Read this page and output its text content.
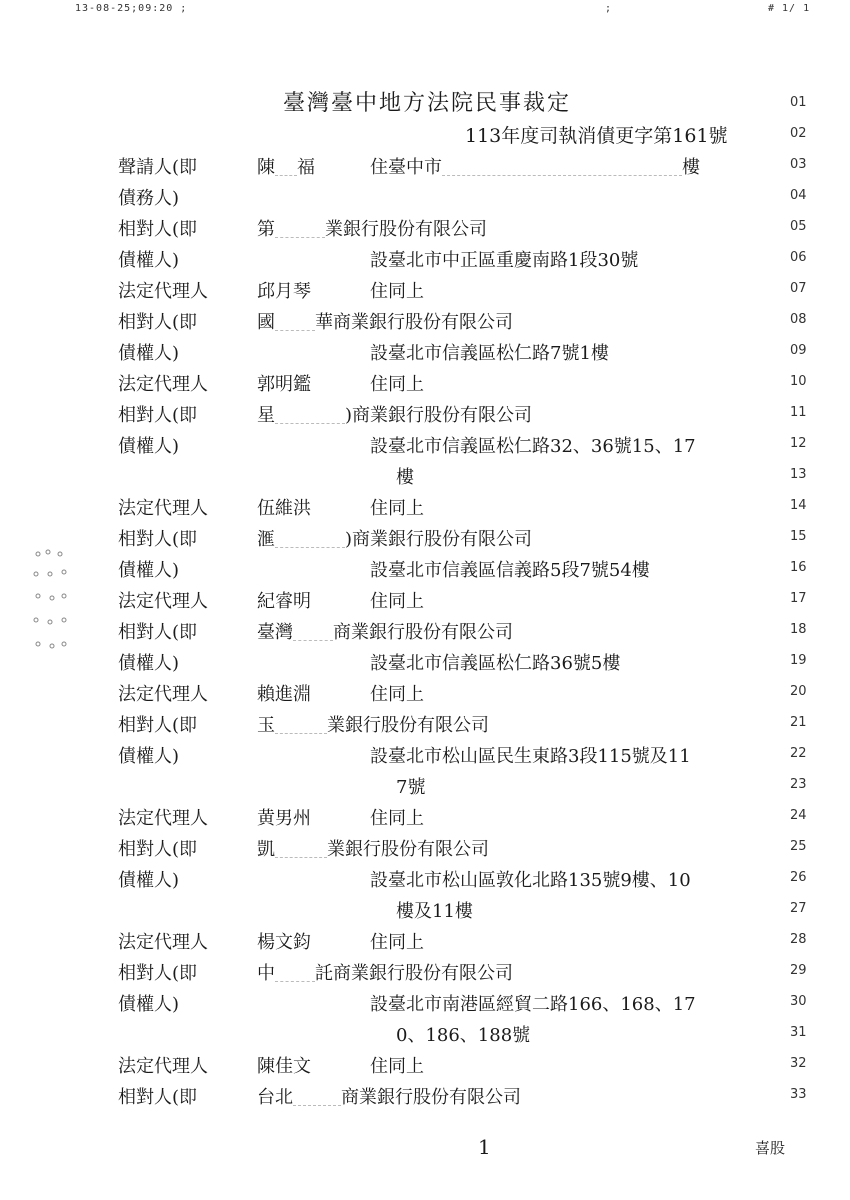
13-08-25;09:20 ;	;	# 1/ 1
臺灣臺中地方法院民事裁定
113年度司執消債更字第161號
01
02
03
04
05
06
07
08
09
10
11
12
13
14
15
16
17
18
19
20
21
22
23
24
25
26
27
28
29
30
31
32
33
聲請人(即	陳 福	住臺中市	樓
債務人)
相對人(即	第	業銀行股份有限公司
債權人)	設臺北市中正區重慶南路1段30號
法定代理人	邱月琴	住同上
相對人(即	國 華商業銀行股份有限公司
債權人)	設臺北市信義區松仁路7號1樓
法定代理人	郭明鑑	住同上
相對人(即	星	)商業銀行股份有限公司
債權人)	設臺北市信義區松仁路32、36號15、17
樓
法定代理人	伍維洪	住同上
相對人(即	滙	)商業銀行股份有限公司
債權人)	設臺北市信義區信義路5段7號54樓
法定代理人	紀睿明	住同上
相對人(即	臺灣 商業銀行股份有限公司
債權人)	設臺北市信義區松仁路36號5樓
法定代理人	賴進淵	住同上
相對人(即	玉	業銀行股份有限公司
債權人)	設臺北市松山區民生東路3段115號及11
7號
法定代理人	黄男州	住同上
相對人(即	凱	業銀行股份有限公司
債權人)	設臺北市松山區敦化北路135號9樓、10
樓及11樓
法定代理人	楊文鈞	住同上
相對人(即	中 託商業銀行股份有限公司
債權人)	設臺北市南港區經貿二路166、168、17
0、186、188號
法定代理人	陳佳文	住同上
相對人(即	台北	商業銀行股份有限公司
1	喜股
